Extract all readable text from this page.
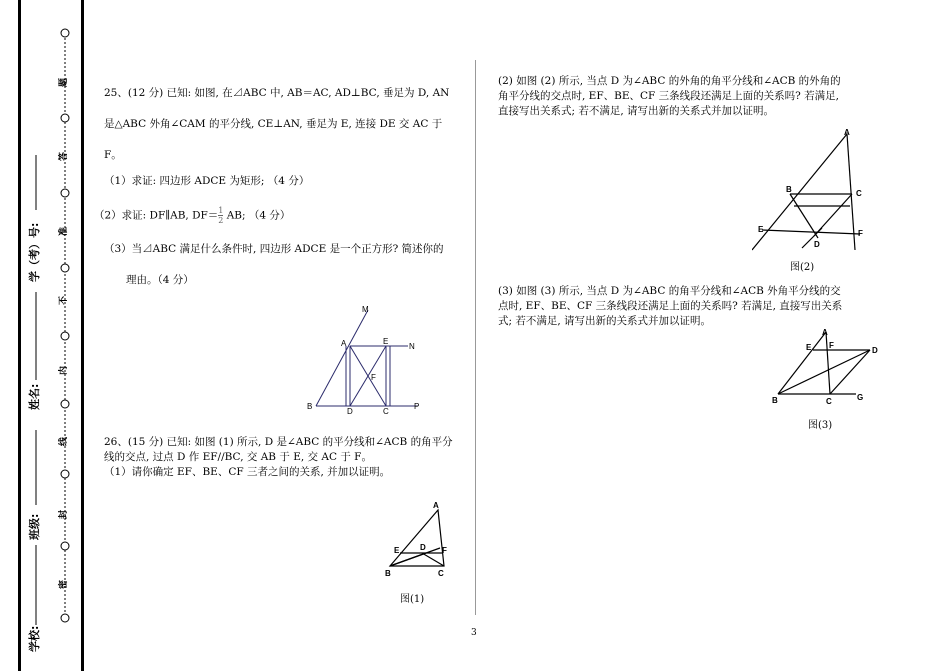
题
答
准
不
内
线
封
密
学校:
班级:
姓名:
学（考）号:
25、(12 分) 已知: 如图, 在⊿ABC 中, AB＝AC, AD⊥BC, 垂足为 D, AN
是△ABC 外角∠CAM 的平分线, CE⊥AN, 垂足为 E, 连接 DE 交 AC 于
F。
（1）求证: 四边形 ADCE 为矩形; （4 分）
（2）求证: DF∥AB, $DF= \frac{1}{2}$ AB; （4 分）
（3）当⊿ABC 满足什么条件时, 四边形 ADCE 是一个正方形? 简述你的
理由。（4 分）
M
A	E
N
F
B
D	C
P
26、(15 分) 已知: 如图 (1) 所示, D 是∠ABC 的平分线和∠ACB 的角平分
线的交点, 过点 D 作 EF//BC, 交 AB 于 E, 交 AC 于 F。
（1）请你确定 EF、BE、CF 三者之间的关系, 并加以证明。
A
E	D F
B	C
图(1)
(2) 如图 (2) 所示, 当点 D 为∠ABC 的外角的角平分线和∠ACB 的外角的
角平分线的交点时, EF、BE、CF 三条线段还满足上面的关系吗? 若满足,
直接写出关系式; 若不满足, 请写出新的关系式并加以证明。
A
B	C
E	F
D
图(2)
(3) 如图 (3) 所示, 当点 D 为∠ABC 的角平分线和∠ACB 外角平分线的交
点时, EF、BE、CF 三条线段还满足上面的关系吗? 若满足, 直接写出关系
式; 若不满足, 请写出新的关系式并加以证明。
A
E F
D
B	C	G
图(3)
3
